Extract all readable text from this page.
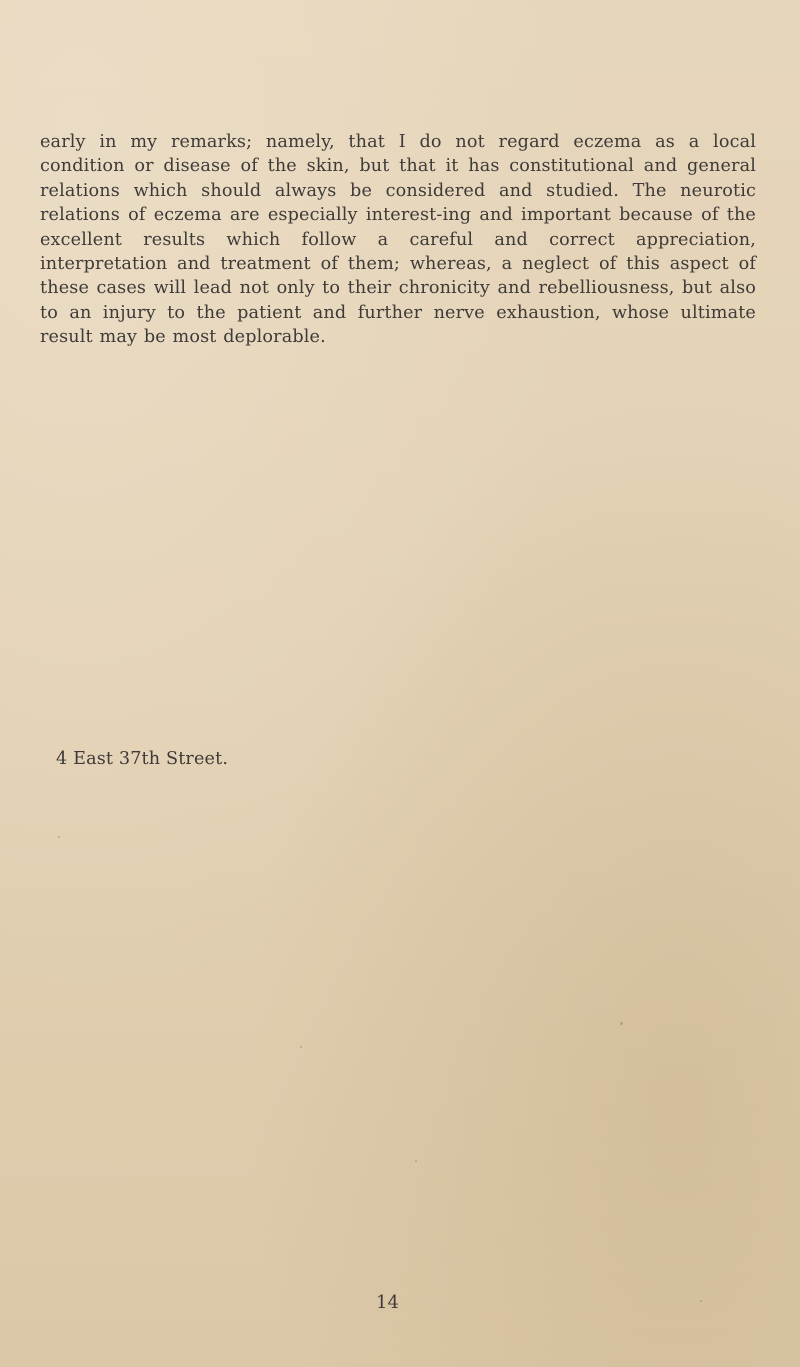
early in my remarks; namely, that I do not regard eczema as a local condition or disease of the skin, but that it has constitutional and general relations which should always be considered and studied. The neurotic relations of eczema are especially interest-ing and important because of the excellent results which follow a careful and correct appreciation, interpretation and treatment of them; whereas, a neglect of this aspect of these cases will lead not only to their chronicity and rebelliousness, but also to an injury to the patient and further nerve exhaustion, whose ultimate result may be most deplorable.

4 East 37th Street.

14
